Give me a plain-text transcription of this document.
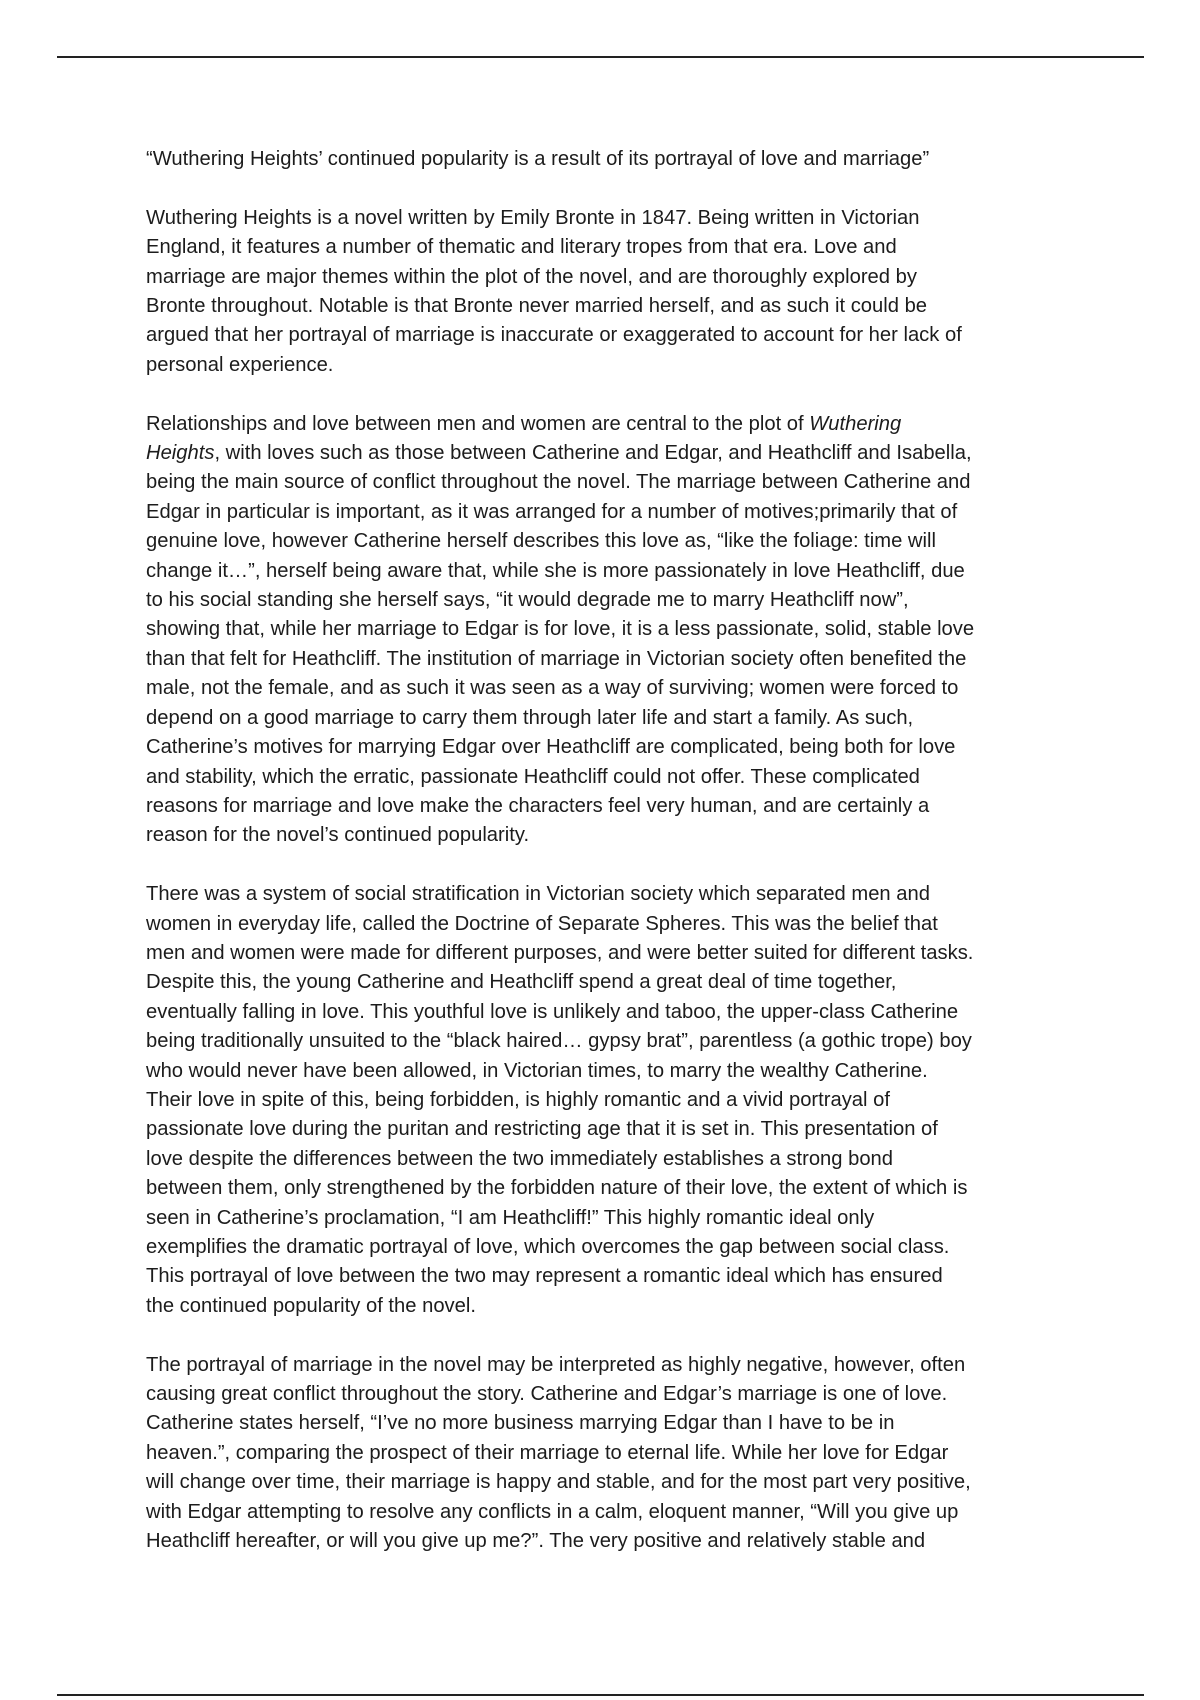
“Wuthering Heights’ continued popularity is a result of its portrayal of love and marriage”

Wuthering Heights is a novel written by Emily Bronte in 1847. Being written in Victorian
England, it features a number of thematic and literary tropes from that era. Love and
marriage are major themes within the plot of the novel, and are thoroughly explored by
Bronte throughout. Notable is that Bronte never married herself, and as such it could be
argued that her portrayal of marriage is inaccurate or exaggerated to account for her lack of
personal experience.

Relationships and love between men and women are central to the plot of Wuthering
Heights, with loves such as those between Catherine and Edgar, and Heathcliff and Isabella,
being the main source of conflict throughout the novel. The marriage between Catherine and
Edgar in particular is important, as it was arranged for a number of motives;primarily that of
genuine love, however Catherine herself describes this love as, “like the foliage: time will
change it…”, herself being aware that, while she is more passionately in love Heathcliff, due
to his social standing she herself says, “it would degrade me to marry Heathcliff now”,
showing that, while her marriage to Edgar is for love, it is a less passionate, solid, stable love
than that felt for Heathcliff. The institution of marriage in Victorian society often benefited the
male, not the female, and as such it was seen as a way of surviving; women were forced to
depend on a good marriage to carry them through later life and start a family. As such,
Catherine’s motives for marrying Edgar over Heathcliff are complicated, being both for love
and stability, which the erratic, passionate Heathcliff could not offer. These complicated
reasons for marriage and love make the characters feel very human, and are certainly a
reason for the novel’s continued popularity.

There was a system of social stratification in Victorian society which separated men and
women in everyday life, called the Doctrine of Separate Spheres. This was the belief that
men and women were made for different purposes, and were better suited for different tasks.
Despite this, the young Catherine and Heathcliff spend a great deal of time together,
eventually falling in love. This youthful love is unlikely and taboo, the upper-class Catherine
being traditionally unsuited to the “black haired… gypsy brat”, parentless (a gothic trope) boy
who would never have been allowed, in Victorian times, to marry the wealthy Catherine.
Their love in spite of this, being forbidden, is highly romantic and a vivid portrayal of
passionate love during the puritan and restricting age that it is set in. This presentation of
love despite the differences between the two immediately establishes a strong bond
between them, only strengthened by the forbidden nature of their love, the extent of which is
seen in Catherine’s proclamation, “I am Heathcliff!” This highly romantic ideal only
exemplifies the dramatic portrayal of love, which overcomes the gap between social class.
This portrayal of love between the two may represent a romantic ideal which has ensured
the continued popularity of the novel.

The portrayal of marriage in the novel may be interpreted as highly negative, however, often
causing great conflict throughout the story. Catherine and Edgar’s marriage is one of love.
Catherine states herself, “I’ve no more business marrying Edgar than I have to be in
heaven.”, comparing the prospect of their marriage to eternal life. While her love for Edgar
will change over time, their marriage is happy and stable, and for the most part very positive,
with Edgar attempting to resolve any conflicts in a calm, eloquent manner, “Will you give up
Heathcliff hereafter, or will you give up me?”. The very positive and relatively stable and
